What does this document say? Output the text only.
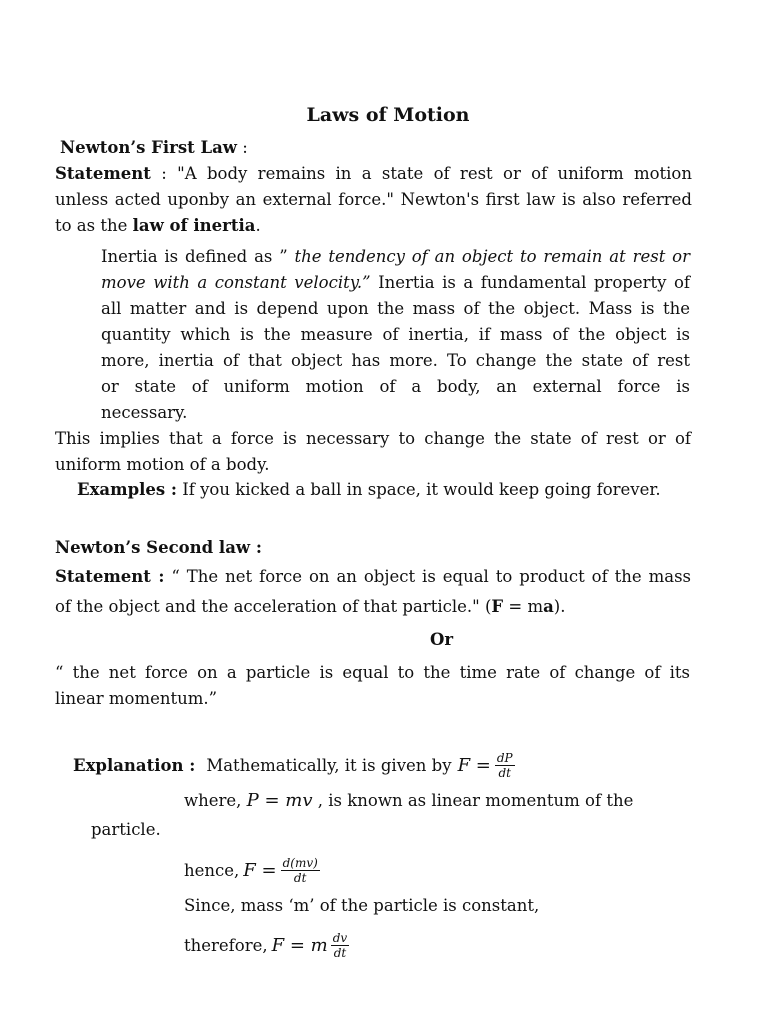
Laws of Motion
Newton’s First Law :
Statement : "A body remains in a state of rest or of uniform motion
unless acted uponby an external force." Newton's first law is also referred
to as the law of inertia.
Inertia is defined as ” the tendency of an object to remain at rest or
move with a constant velocity.” Inertia is a fundamental property of
all matter and is depend upon the mass of the object. Mass is the
quantity which is the measure of inertia, if mass of the object is
more, inertia of that object has more. To change the state of rest
or state of uniform motion of a body, an external force is
necessary.
This implies that a force is necessary to change the state of rest or of
uniform motion of a body.
Examples : If you kicked a ball in space, it would keep going forever.
Newton’s Second law :
Statement : “ The net force on an object is equal to product of the mass
of the object and the acceleration of that particle." (F = ma).
Or
“ the net force on a particle is equal to the time rate of change of its
linear momentum.”
Explanation : Mathematically, it is given by $F = \frac{dP}{dt}$
where, P = mv , is known as linear momentum of the
particle.
hence, $F = \frac{d(mv)}{dt}$
Since, mass ‘m’ of the particle is constant,
therefore, F = m $\frac{dv}{dt}$
